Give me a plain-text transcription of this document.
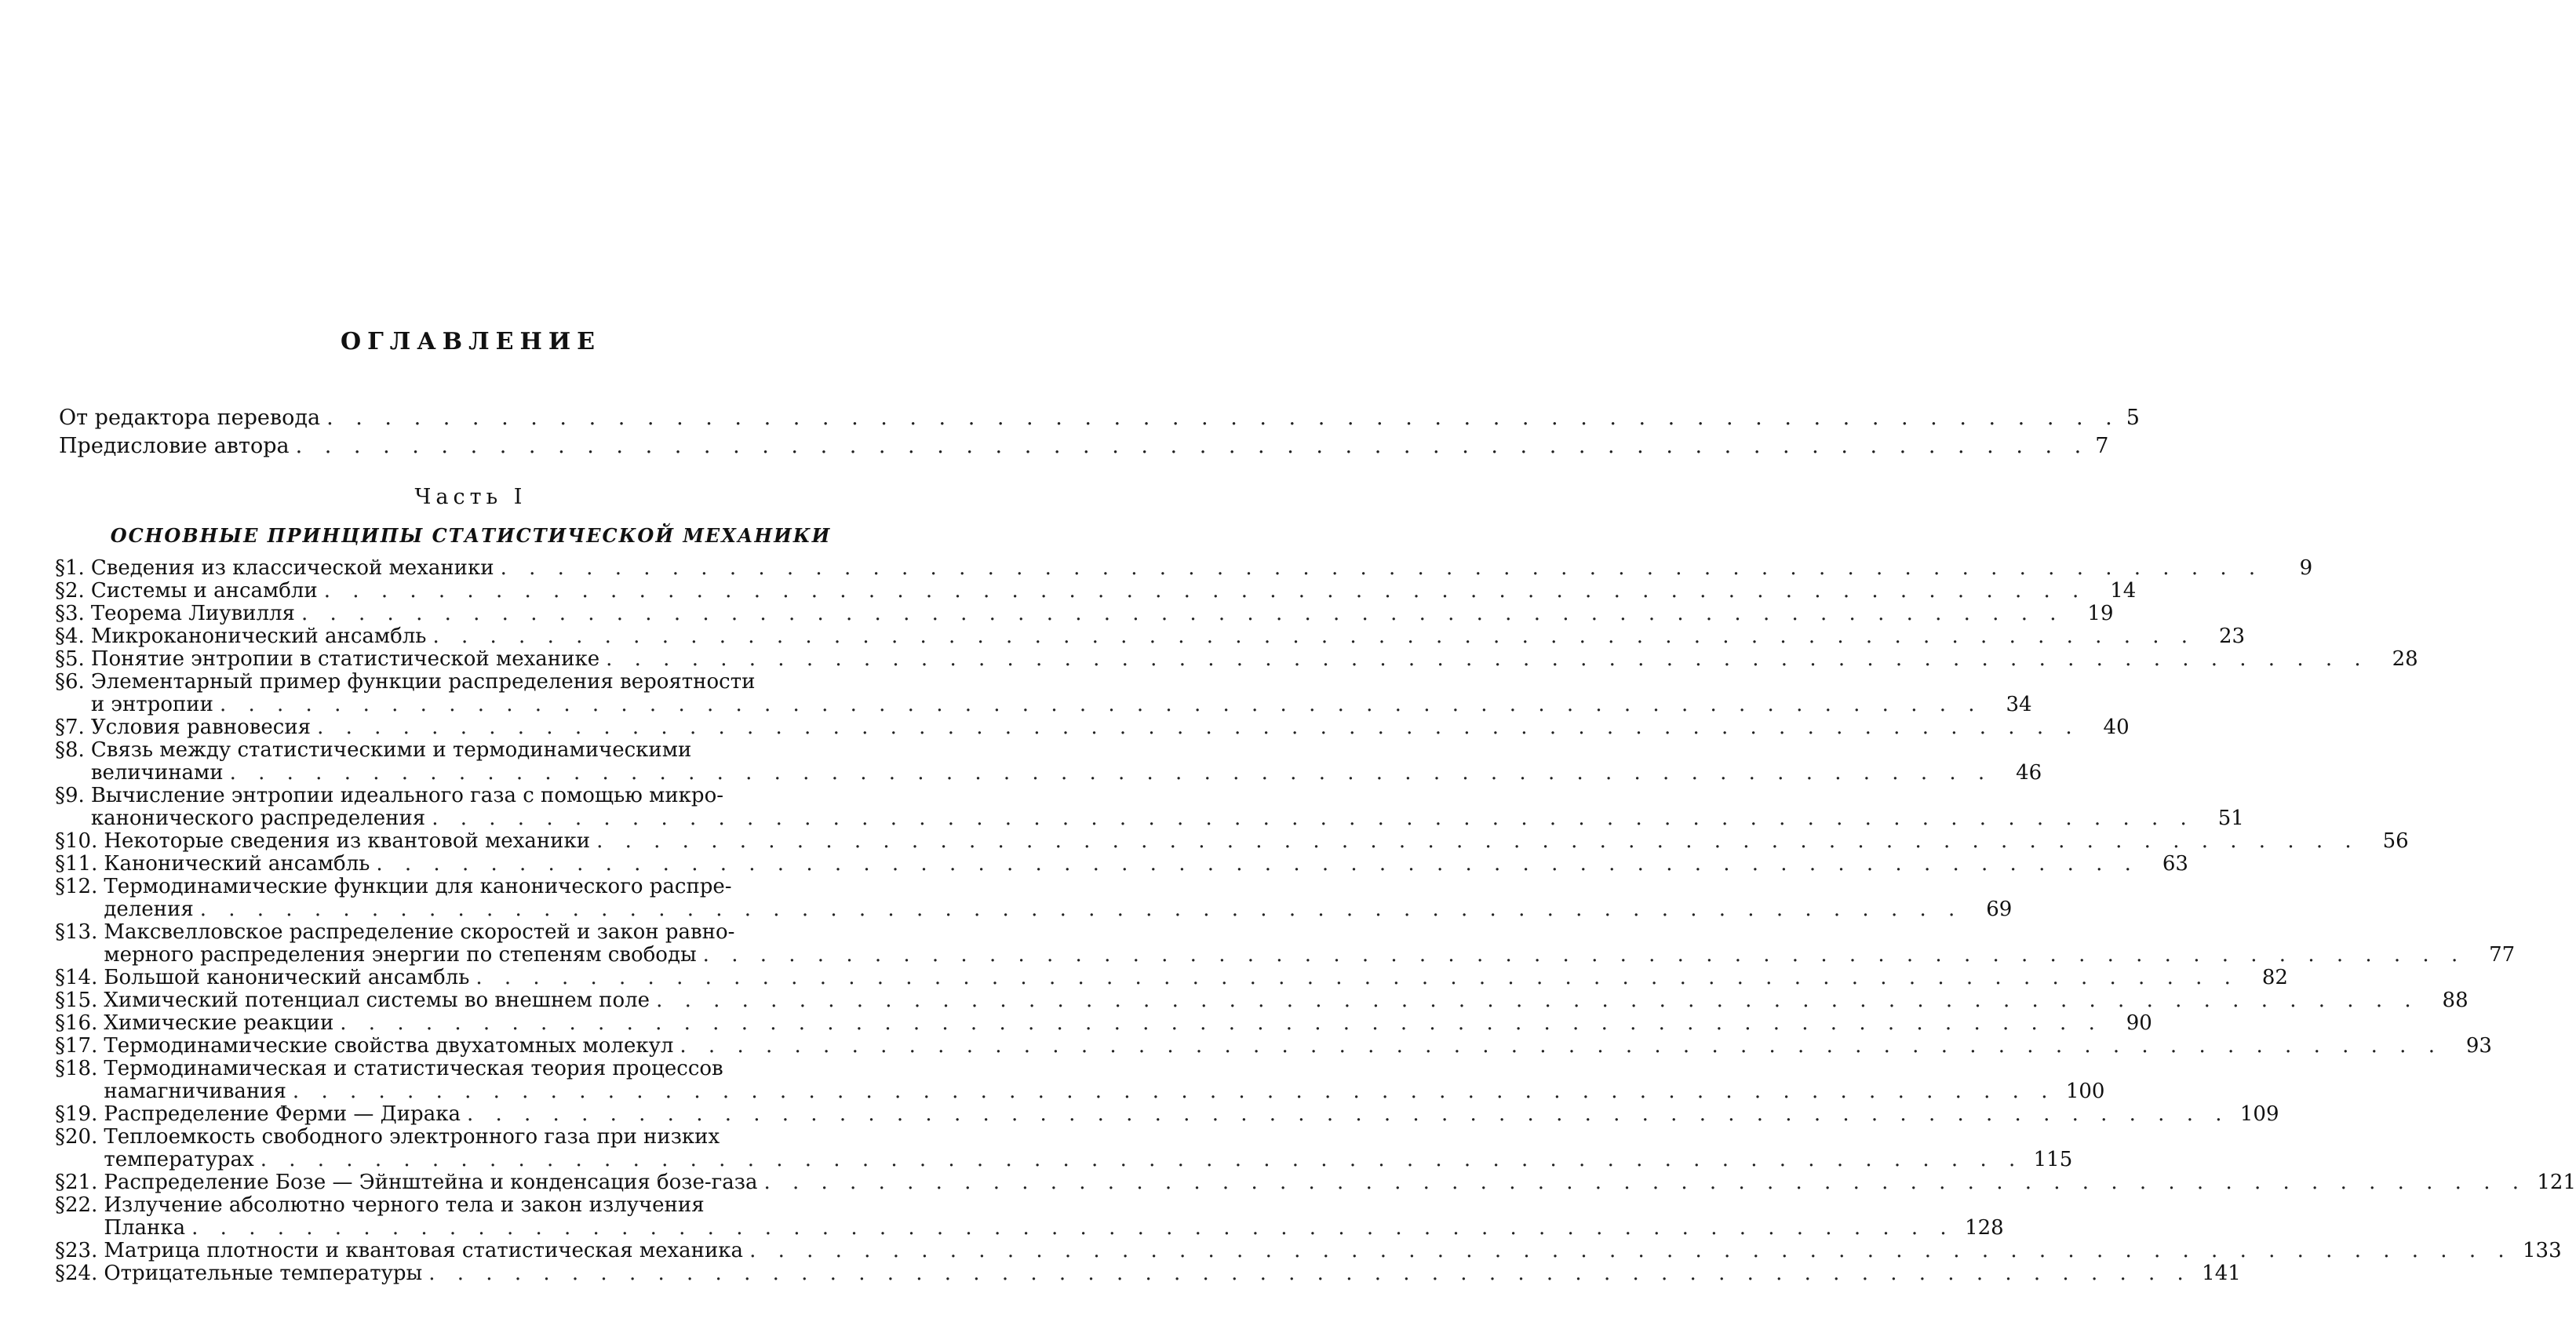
ОГЛАВЛЕНИЕ
От редактора перевода . . .	5
Предисловие автора . . .	7
Часть I
ОСНОВНЫЕ ПРИНЦИПЫ СТАТИСТИЧЕСКОЙ МЕХАНИКИ
§ 1. Сведения из классической механики . . .	9
§ 2. Системы и ансамбли . . .	14
§ 3. Теорема Лиувилля . . .	19
§ 4. Микроканонический ансамбль . . .	23
§ 5. Понятие энтропии в статистической механике . . .	28
§ 6. Элементарный пример функции распределения вероятности
и энтропии . . .	34
§ 7. Условия равновесия . . .	40
§ 8. Связь между статистическими и термодинамическими
величинами . . .	46
§ 9. Вычисление энтропии идеального газа с помощью микро-
канонического распределения . . .	51
§ 10. Некоторые сведения из квантовой механики . . .	56
§ 11. Канонический ансамбль . . .	63
§ 12. Термодинамические функции для канонического распре-
деления . . .	69
§ 13. Максвелловское распределение скоростей и закон равно-
мерного распределения энергии по степеням свободы . . .	77
§ 14. Большой канонический ансамбль . . .	82
§ 15. Химический потенциал системы во внешнем поле . . .	88
§ 16. Химические реакции . . .	90
§ 17. Термодинамические свойства двухатомных молекул . . .	93
§ 18. Термодинамическая и статистическая теория процессов
намагничивания . . .	100
§ 19. Распределение Ферми — Дирака . . .	109
§ 20. Теплоемкость свободного электронного газа при низких
температурах . . .	115
§ 21. Распределение Бозе — Эйнштейна и конденсация бозе-газа . . .	121
§ 22. Излучение абсолютно черного тела и закон излучения
Планка . . .	128
§ 23. Матрица плотности и квантовая статистическая механика . . .	133
§ 24. Отрицательные температуры . . .	141
